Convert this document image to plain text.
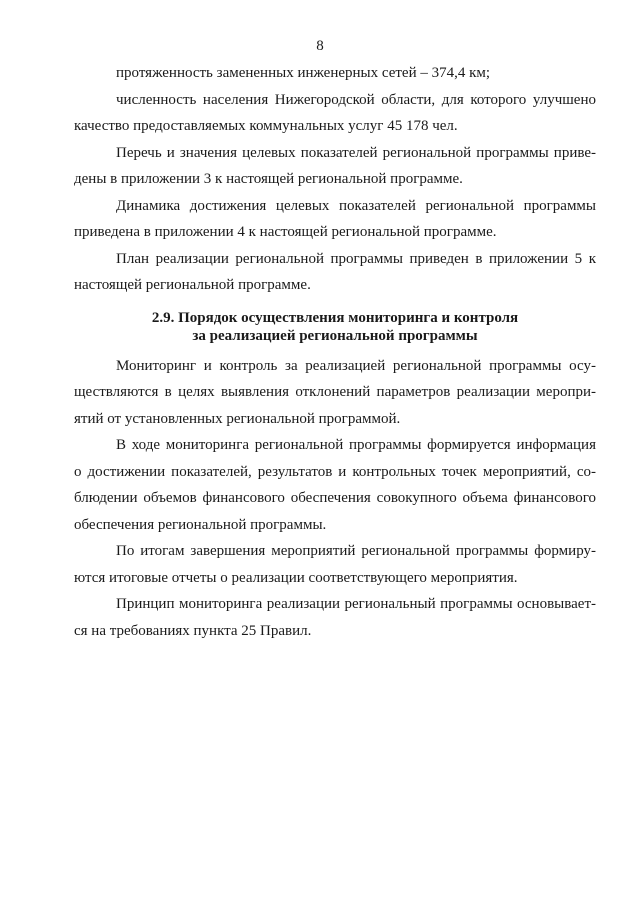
8
протяженность замененных инженерных сетей – 374,4 км;
численность населения Нижегородской области, для которого улучшено
качество предоставляемых коммунальных услуг 45 178 чел.
Перечь и значения целевых показателей региональной программы приве-
дены в приложении 3 к настоящей региональной программе.
Динамика достижения целевых показателей региональной программы
приведена в приложении 4 к настоящей региональной программе.
План реализации региональной программы приведен в приложении 5 к
настоящей региональной программе.
2.9. Порядок осуществления мониторинга и контроля
за реализацией региональной программы
Мониторинг и контроль за реализацией региональной программы осу-
ществляются в целях выявления отклонений параметров реализации меропри-
ятий от установленных региональной программой.
В ходе мониторинга региональной программы формируется информация
о достижении показателей, результатов и контрольных точек мероприятий, со-
блюдении объемов финансового обеспечения совокупного объема финансового
обеспечения региональной программы.
По итогам завершения мероприятий региональной программы формиру-
ются итоговые отчеты о реализации соответствующего мероприятия.
Принцип мониторинга реализации региональный программы основывает-
ся на требованиях пункта 25 Правил.
